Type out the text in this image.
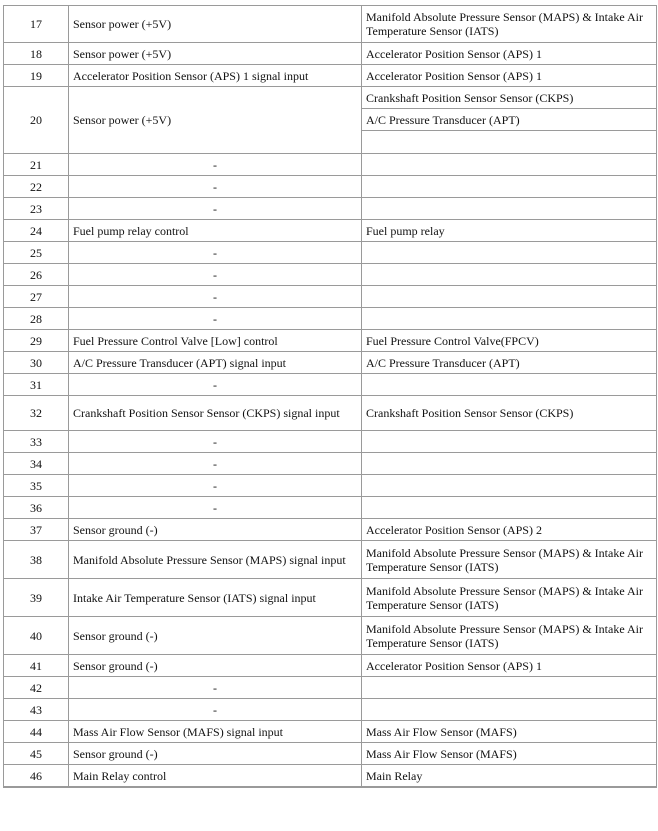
17	Sensor power (+5V)	Manifold Absolute Pressure Sensor (MAPS) & Intake Air Temperature Sensor (IATS)
18	Sensor power (+5V)	Accelerator Position Sensor (APS) 1
19	Accelerator Position Sensor (APS) 1 signal input	Accelerator Position Sensor (APS) 1
20	Sensor power (+5V)	Crankshaft Position Sensor Sensor (CKPS)
A/C Pressure Transducer (APT)

21	-	
22	-	
23	-	
24	Fuel pump relay control	Fuel pump relay
25	-	
26	-	
27	-	
28	-	
29	Fuel Pressure Control Valve [Low] control	Fuel Pressure Control Valve(FPCV)
30	A/C Pressure Transducer (APT) signal input	A/C Pressure Transducer (APT)
31	-	
32	Crankshaft Position Sensor Sensor (CKPS) signal input	Crankshaft Position Sensor Sensor (CKPS)
33	-	
34	-	
35	-	
36	-	
37	Sensor ground (-)	Accelerator Position Sensor (APS) 2
38	Manifold Absolute Pressure Sensor (MAPS) signal input	Manifold Absolute Pressure Sensor (MAPS) & Intake Air Temperature Sensor (IATS)
39	Intake Air Temperature Sensor (IATS) signal input	Manifold Absolute Pressure Sensor (MAPS) & Intake Air Temperature Sensor (IATS)
40	Sensor ground (-)	Manifold Absolute Pressure Sensor (MAPS) & Intake Air Temperature Sensor (IATS)
41	Sensor ground (-)	Accelerator Position Sensor (APS) 1
42	-	
43	-	
44	Mass Air Flow Sensor (MAFS) signal input	Mass Air Flow Sensor (MAFS)
45	Sensor ground (-)	Mass Air Flow Sensor (MAFS)
46	Main Relay control	Main Relay
